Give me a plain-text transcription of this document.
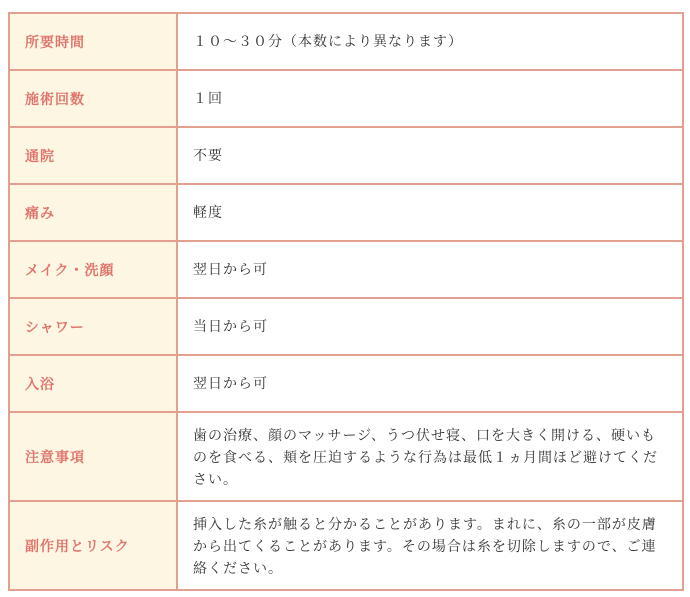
所要時間	１０～３０分（本数により異なります）
施術回数	１回
通院	不要
痛み	軽度
メイク・洗顔	翌日から可
シャワー	当日から可
入浴	翌日から可
注意事項	歯の治療、顔のマッサージ、うつ伏せ寝、口を大きく開ける、硬いものを食べる、頬を圧迫するような行為は最低１ヵ月間ほど避けてください。
副作用とリスク	挿入した糸が触ると分かることがあります。まれに、糸の一部が皮膚から出てくることがあります。その場合は糸を切除しますので、ご連絡ください。
